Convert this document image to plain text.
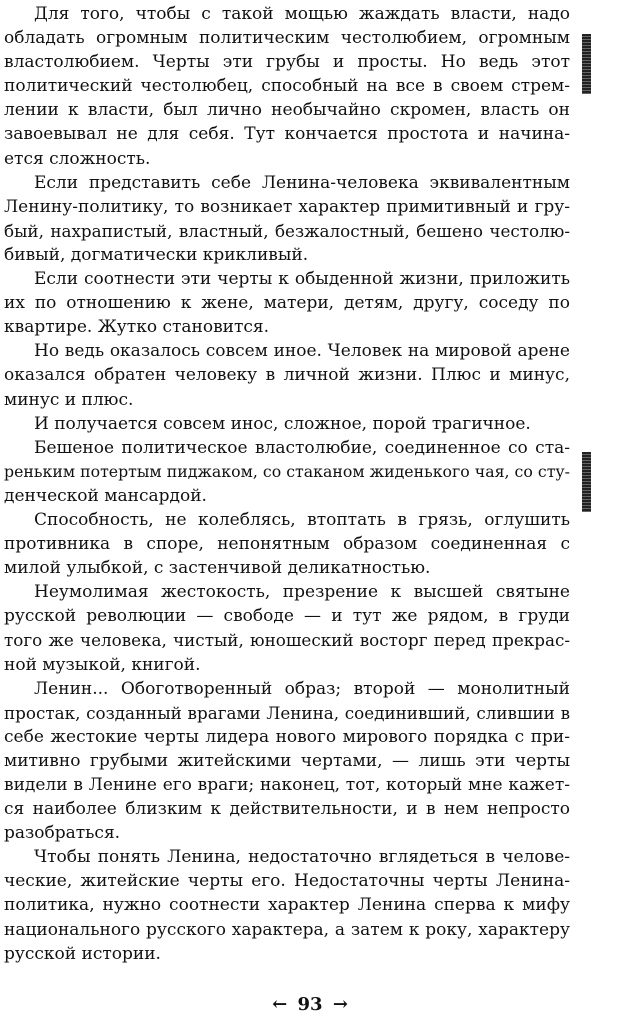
Для того, чтобы с такой мощью жаждать власти, надо
обладать огромным политическим честолюбием, огромным
властолюбием. Черты эти грубы и просты. Но ведь этот
политический честолюбец, способный на все в своем стрем-
лении к власти, был лично необычайно скромен, власть он
завоевывал не для себя. Тут кончается простота и начина-
ется сложность.
Если представить себе Ленина-человека эквивалентным
Ленину-политику, то возникает характер примитивный и гру-
бый, нахрапистый, властный, безжалостный, бешено честолю-
бивый, догматически крикливый.
Если соотнести эти черты к обыденной жизни, приложить
их по отношению к жене, матери, детям, другу, соседу по
квартире. Жутко становится.
Но ведь оказалось совсем иное. Человек на мировой арене
оказался обратен человеку в личной жизни. Плюс и минус,
минус и плюс.
И получается совсем инос, сложное, порой трагичное.
Бешеное политическое властолюбие, соединенное со ста-
реньким потертым пиджаком, со стаканом жиденького чая, со сту-
денческой мансардой.
Способность, не колеблясь, втоптать в грязь, оглушить
противника в споре, непонятным образом соединенная с
милой улыбкой, с застенчивой деликатностью.
Неумолимая жестокость, презрение к высшей святыне
русской революции — свободе — и тут же рядом, в груди
того же человека, чистый, юношеский восторг перед прекрас-
ной музыкой, книгой.
Ленин... Обоготворенный образ; второй — монолитный
простак, созданный врагами Ленина, соединивший, слившии в
себе жестокие черты лидера нового мирового порядка с при-
митивно грубыми житейскими чертами, — лишь эти черты
видели в Ленине его враги; наконец, тот, который мне кажет-
ся наиболее близким к действительности, и в нем непросто
разобраться.
Чтобы понять Ленина, недостаточно вглядеться в челове-
ческие, житейские черты его. Недостаточны черты Ленина-
политика, нужно соотнести характер Ленина сперва к мифу
национального русского характера, а затем к року, характеру
русской истории.
← 93 →
